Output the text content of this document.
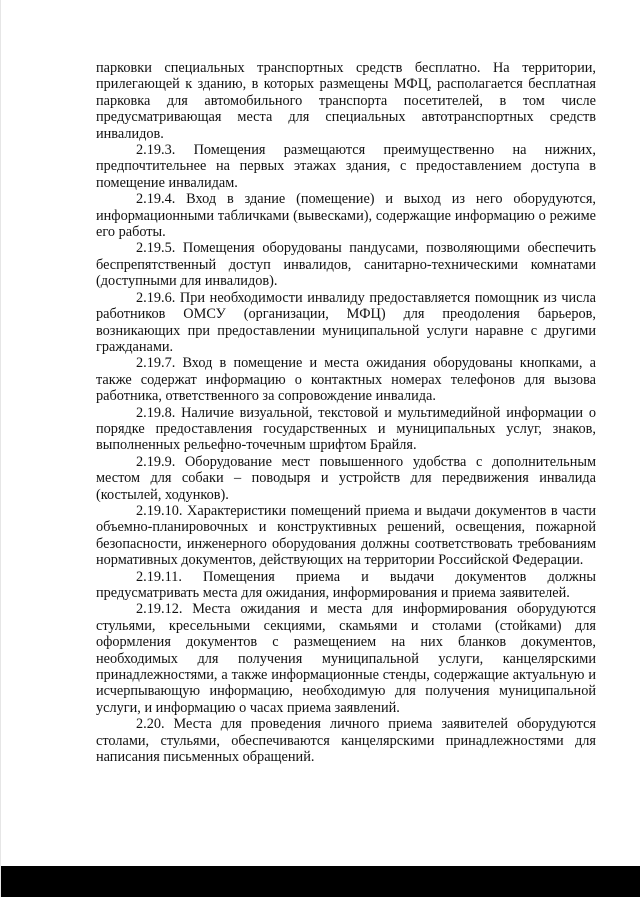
парковки специальных транспортных средств бесплатно. На территории, прилегающей к зданию, в которых размещены МФЦ, располагается бесплатная парковка для автомобильного транспорта посетителей, в том числе предусматривающая места для специальных автотранспортных средств инвалидов.

2.19.3. Помещения размещаются преимущественно на нижних, предпочтительнее на первых этажах здания, с предоставлением доступа в помещение инвалидам.

2.19.4. Вход в здание (помещение) и выход из него оборудуются, информационными табличками (вывесками), содержащие информацию о режиме его работы.

2.19.5. Помещения оборудованы пандусами, позволяющими обеспечить беспрепятственный доступ инвалидов, санитарно-техническими комнатами (доступными для инвалидов).

2.19.6. При необходимости инвалиду предоставляется помощник из числа работников ОМСУ (организации, МФЦ) для преодоления барьеров, возникающих при предоставлении муниципальной услуги наравне с другими гражданами.

2.19.7. Вход в помещение и места ожидания оборудованы кнопками, а также содержат информацию о контактных номерах телефонов для вызова работника, ответственного за сопровождение инвалида.

2.19.8. Наличие визуальной, текстовой и мультимедийной информации о порядке предоставления государственных и муниципальных услуг, знаков, выполненных рельефно-точечным шрифтом Брайля.

2.19.9. Оборудование мест повышенного удобства с дополнительным местом для собаки – поводыря и устройств для передвижения инвалида (костылей, ходунков).

2.19.10. Характеристики помещений приема и выдачи документов в части объемно-планировочных и конструктивных решений, освещения, пожарной безопасности, инженерного оборудования должны соответствовать требованиям нормативных документов, действующих на территории Российской Федерации.

2.19.11. Помещения приема и выдачи документов должны предусматривать места для ожидания, информирования и приема заявителей.

2.19.12. Места ожидания и места для информирования оборудуются стульями, кресельными секциями, скамьями и столами (стойками) для оформления документов с размещением на них бланков документов, необходимых для получения муниципальной услуги, канцелярскими принадлежностями, а также информационные стенды, содержащие актуальную и исчерпывающую информацию, необходимую для получения муниципальной услуги, и информацию о часах приема заявлений.

2.20. Места для проведения личного приема заявителей оборудуются столами, стульями, обеспечиваются канцелярскими принадлежностями для написания письменных обращений.
